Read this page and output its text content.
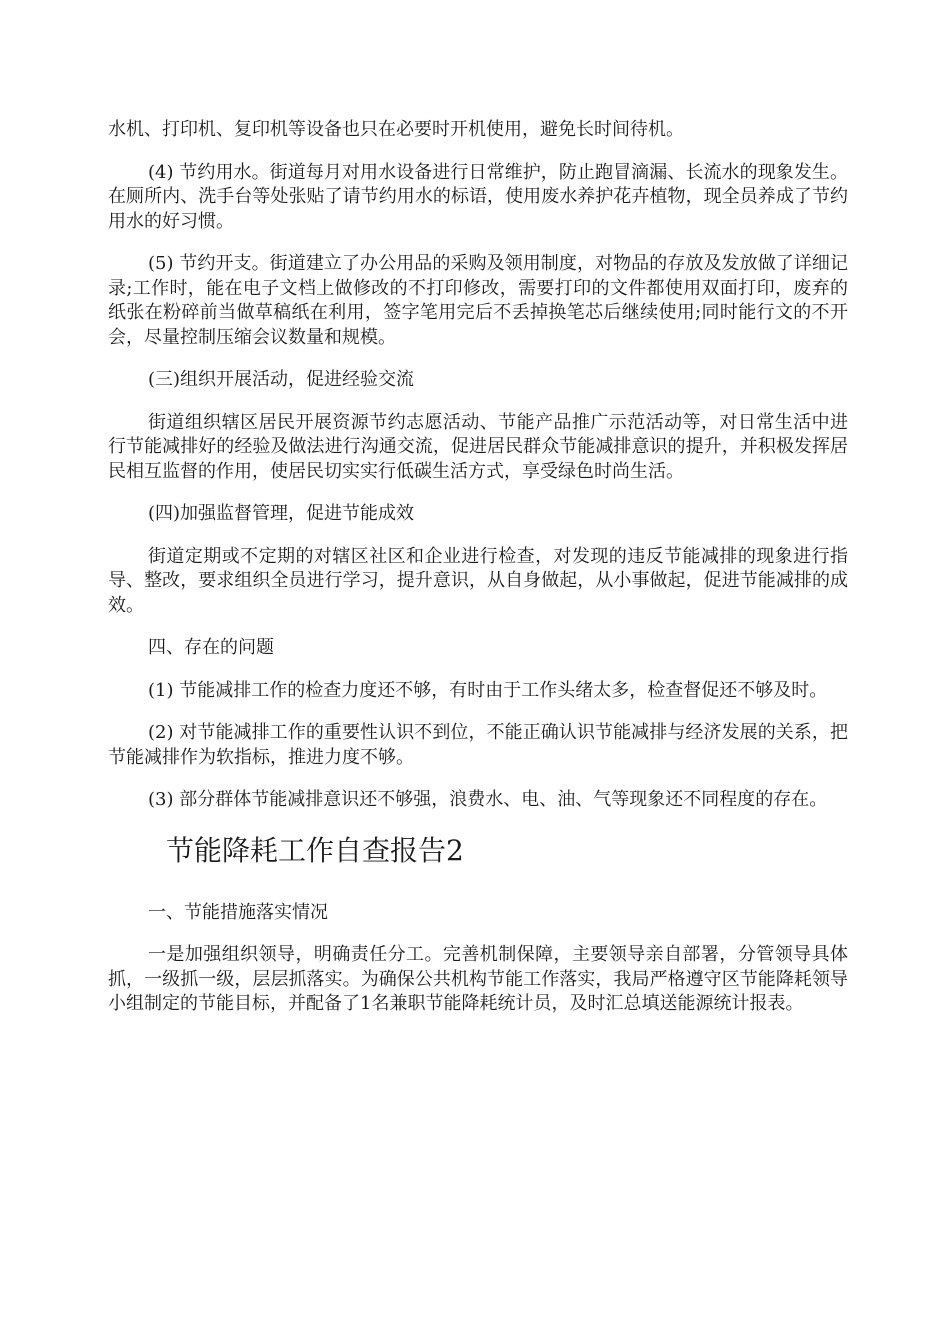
水机、打印机、复印机等设备也只在必要时开机使用，避免长时间待机。

(4) 节约用水。街道每月对用水设备进行日常维护，防止跑冒滴漏、长流水的现象发生。在厕所内、洗手台等处张贴了请节约用水的标语，使用废水养护花卉植物，现全员养成了节约用水的好习惯。

(5) 节约开支。街道建立了办公用品的采购及领用制度，对物品的存放及发放做了详细记录;工作时，能在电子文档上做修改的不打印修改，需要打印的文件都使用双面打印，废弃的纸张在粉碎前当做草稿纸在利用，签字笔用完后不丢掉换笔芯后继续使用;同时能行文的不开会，尽量控制压缩会议数量和规模。

(三)组织开展活动，促进经验交流

街道组织辖区居民开展资源节约志愿活动、节能产品推广示范活动等，对日常生活中进行节能减排好的经验及做法进行沟通交流，促进居民群众节能减排意识的提升，并积极发挥居民相互监督的作用，使居民切实实行低碳生活方式，享受绿色时尚生活。

(四)加强监督管理，促进节能成效

街道定期或不定期的对辖区社区和企业进行检查，对发现的违反节能减排的现象进行指导、整改，要求组织全员进行学习，提升意识，从自身做起，从小事做起，促进节能减排的成效。

四、存在的问题

(1) 节能减排工作的检查力度还不够，有时由于工作头绪太多，检查督促还不够及时。

(2) 对节能减排工作的重要性认识不到位，不能正确认识节能减排与经济发展的关系，把节能减排作为软指标，推进力度不够。

(3) 部分群体节能减排意识还不够强，浪费水、电、油、气等现象还不同程度的存在。

节能降耗工作自查报告2

一、节能措施落实情况

一是加强组织领导，明确责任分工。完善机制保障，主要领导亲自部署，分管领导具体抓，一级抓一级，层层抓落实。为确保公共机构节能工作落实，我局严格遵守区节能降耗领导小组制定的节能目标，并配备了1名兼职节能降耗统计员，及时汇总填送能源统计报表。
